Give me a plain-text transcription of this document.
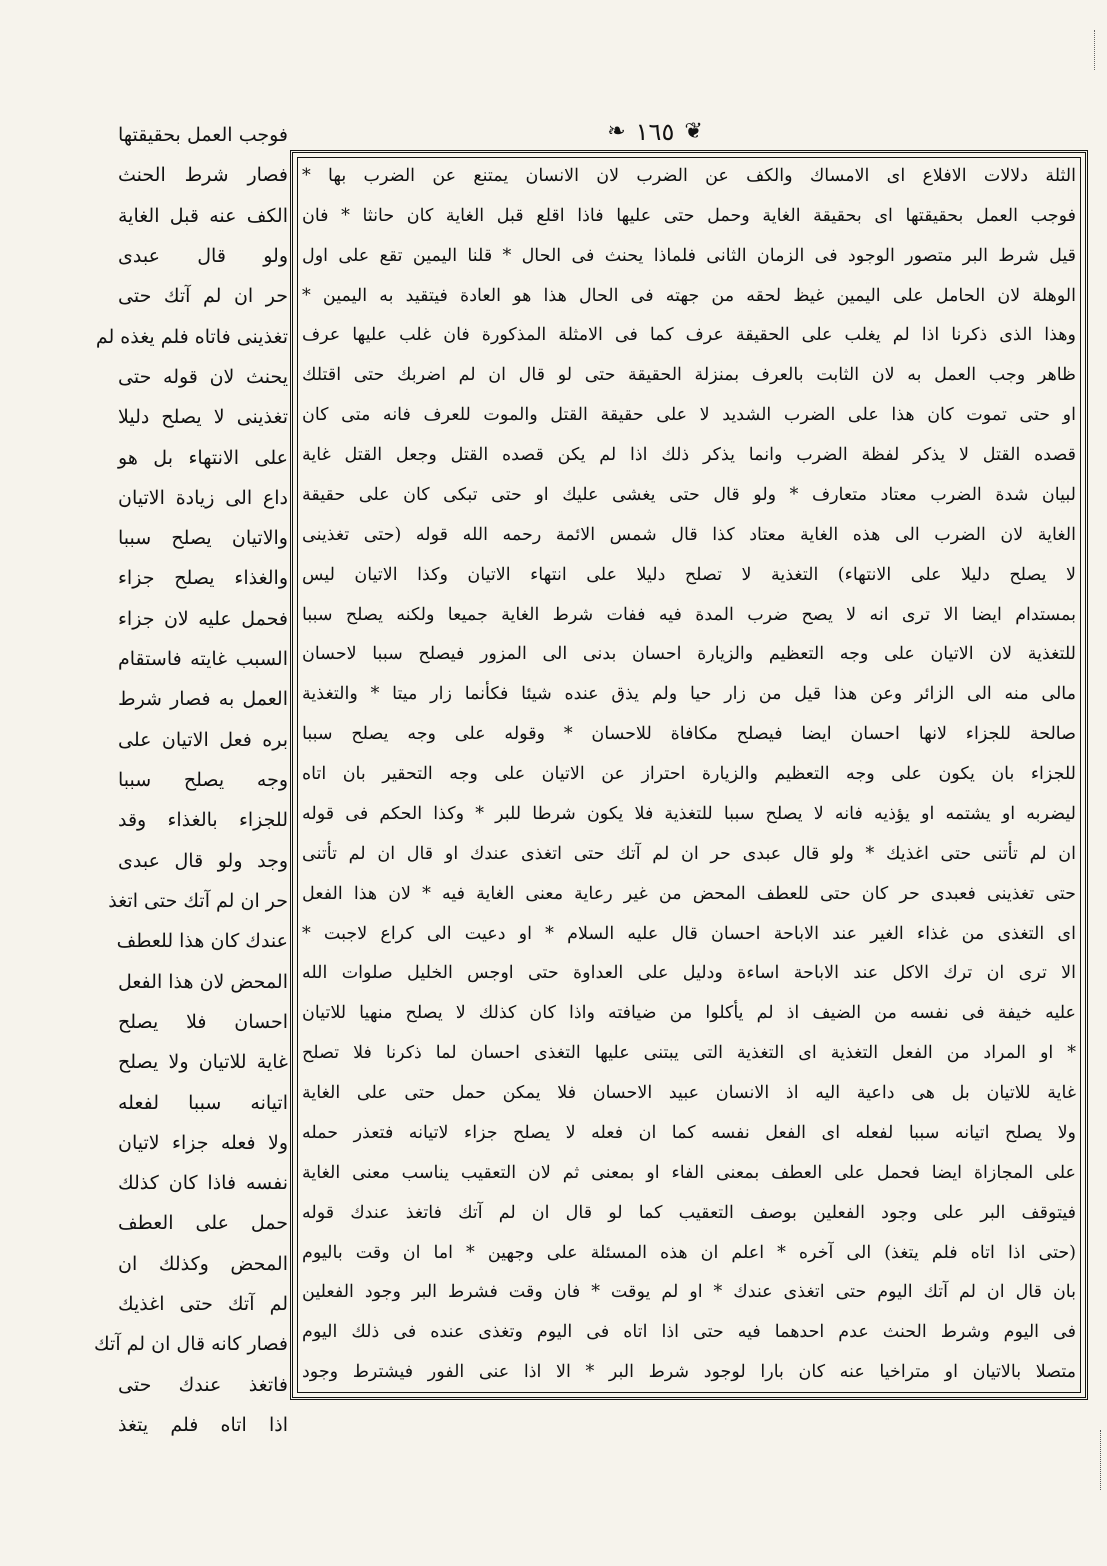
❧ ١٦٥ ❦
الثلة دلالات الافلاع اى الامساك والكف عن الضرب لان الانسان يمتنع عن الضرب بها *
فوجب العمل بحقيقتها اى بحقيقة الغاية وحمل حتى عليها فاذا اقلع قبل الغاية كان حانثا * فان
قيل شرط البر متصور الوجود فى الزمان الثانى فلماذا يحنث فى الحال * قلنا اليمين تقع على اول
الوهلة لان الحامل على اليمين غيظ لحقه من جهته فى الحال هذا هو العادة فيتقيد به اليمين *
وهذا الذى ذكرنا اذا لم يغلب على الحقيقة عرف كما فى الامثلة المذكورة فان غلب عليها عرف
ظاهر وجب العمل به لان الثابت بالعرف بمنزلة الحقيقة حتى لو قال ان لم اضربك حتى اقتلك
او حتى تموت كان هذا على الضرب الشديد لا على حقيقة القتل والموت للعرف فانه متى كان
قصده القتل لا يذكر لفظة الضرب وانما يذكر ذلك اذا لم يكن قصده القتل وجعل القتل غاية
لبيان شدة الضرب معتاد متعارف * ولو قال حتى يغشى عليك او حتى تبكى كان على حقيقة
الغاية لان الضرب الى هذه الغاية معتاد كذا قال شمس الائمة رحمه الله قوله (حتى تغذينى
لا يصلح دليلا على الانتهاء) التغذية لا تصلح دليلا على انتهاء الاتيان وكذا الاتيان ليس
بمستدام ايضا الا ترى انه لا يصح ضرب المدة فيه ففات شرط الغاية جميعا ولكنه يصلح سببا
للتغذية لان الاتيان على وجه التعظيم والزيارة احسان بدنى الى المزور فيصلح سببا لاحسان
مالى منه الى الزائر وعن هذا قيل من زار حيا ولم يذق عنده شيئا فكأنما زار ميتا * والتغذية
صالحة للجزاء لانها احسان ايضا فيصلح مكافاة للاحسان * وقوله على وجه يصلح سببا
للجزاء بان يكون على وجه التعظيم والزيارة احتراز عن الاتيان على وجه التحقير بان اتاه
ليضربه او يشتمه او يؤذيه فانه لا يصلح سببا للتغذية فلا يكون شرطا للبر * وكذا الحكم فى قوله
ان لم تأتنى حتى اغذيك * ولو قال عبدى حر ان لم آتك حتى اتغذى عندك او قال ان لم تأتنى
حتى تغذينى فعبدى حر كان حتى للعطف المحض من غير رعاية معنى الغاية فيه * لان هذا الفعل
اى التغذى من غذاء الغير عند الاباحة احسان قال عليه السلام * او دعيت الى كراع لاجبت *
الا ترى ان ترك الاكل عند الاباحة اساءة ودليل على العداوة حتى اوجس الخليل صلوات الله
عليه خيفة فى نفسه من الضيف اذ لم يأكلوا من ضيافته واذا كان كذلك لا يصلح منهيا للاتيان
* او المراد من الفعل التغذية اى التغذية التى يبتنى عليها التغذى احسان لما ذكرنا فلا تصلح
غاية للاتيان بل هى داعية اليه اذ الانسان عبيد الاحسان فلا يمكن حمل حتى على الغاية
ولا يصلح اتيانه سببا لفعله اى الفعل نفسه كما ان فعله لا يصلح جزاء لاتيانه فتعذر حمله
على المجازاة ايضا فحمل على العطف بمعنى الفاء او بمعنى ثم لان التعقيب يناسب معنى الغاية
فيتوقف البر على وجود الفعلين بوصف التعقيب كما لو قال ان لم آتك فاتغذ عندك قوله
(حتى اذا اتاه فلم يتغذ) الى آخره * اعلم ان هذه المسئلة على وجهين * اما ان وقت باليوم
بان قال ان لم آتك اليوم حتى اتغذى عندك * او لم يوقت * فان وقت فشرط البر وجود الفعلين
فى اليوم وشرط الحنث عدم احدهما فيه حتى اذا اتاه فى اليوم وتغذى عنده فى ذلك اليوم
متصلا بالاتيان او متراخيا عنه كان بارا لوجود شرط البر * الا اذا عنى الفور فيشترط وجود
فوجب العمل بحقيقتها
فصار شرط الحنث
الكف عنه قبل الغاية
ولو قال عبدى
حر ان لم آتك حتى
تغذينى فاتاه فلم يغذه لم
يحنث لان قوله حتى
تغذينى لا يصلح دليلا
على الانتهاء بل هو
داع الى زيادة الاتيان
والاتيان يصلح سببا
والغذاء يصلح جزاء
فحمل عليه لان جزاء
السبب غايته فاستقام
العمل به فصار شرط
بره فعل الاتيان على
وجه يصلح سببا
للجزاء بالغذاء وقد
وجد ولو قال عبدى
حر ان لم آتك حتى اتغذ
عندك كان هذا للعطف
المحض لان هذا الفعل
احسان فلا يصلح
غاية للاتيان ولا يصلح
اتيانه سببا لفعله
ولا فعله جزاء لاتيان
نفسه فاذا كان كذلك
حمل على العطف
المحض وكذلك ان
لم آتك حتى اغذيك
فصار كانه قال ان لم آتك
فاتغذ عندك حتى
اذا اتاه فلم يتغذ
